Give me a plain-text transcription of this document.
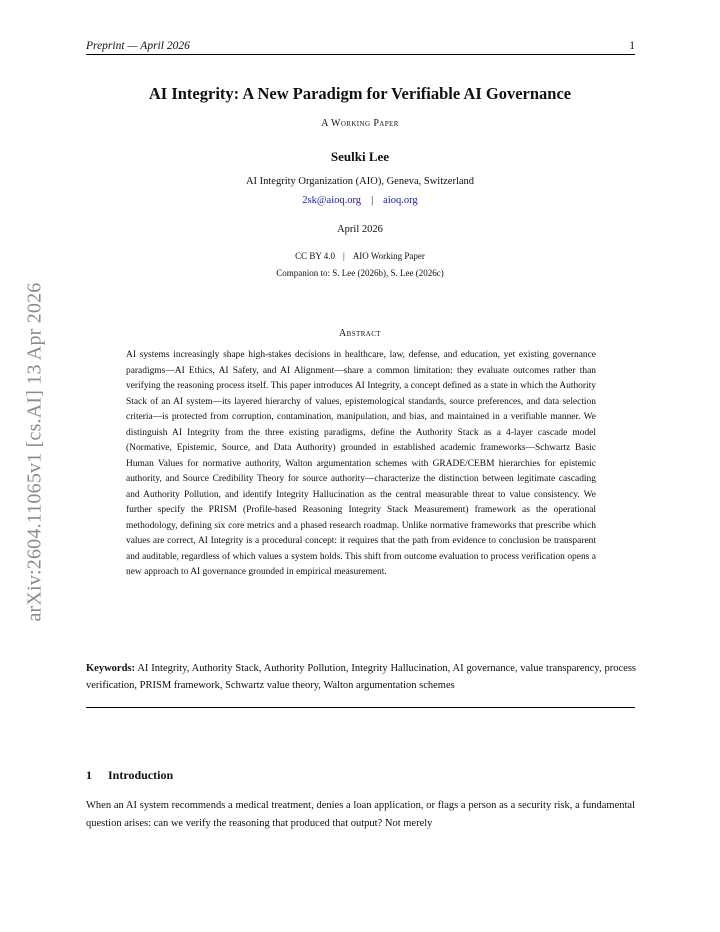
arXiv:2604.11065v1 [cs.AI] 13 Apr 2026
Preprint — April 2026	1
AI Integrity: A New Paradigm for Verifiable AI Governance
A Working Paper
Seulki Lee
AI Integrity Organization (AIO), Geneva, Switzerland
2sk@aioq.org | aioq.org
April 2026
CC BY 4.0 | AIO Working Paper
Companion to: S. Lee (2026b), S. Lee (2026c)
Abstract
AI systems increasingly shape high-stakes decisions in healthcare, law, defense, and education, yet existing governance paradigms—AI Ethics, AI Safety, and AI Alignment—share a common limitation: they evaluate outcomes rather than verifying the reasoning process itself. This paper introduces AI Integrity, a concept defined as a state in which the Authority Stack of an AI system—its layered hierarchy of values, epistemological standards, source preferences, and data selection criteria—is protected from corruption, contamination, manipulation, and bias, and maintained in a verifiable manner. We distinguish AI Integrity from the three existing paradigms, define the Authority Stack as a 4-layer cascade model (Normative, Epistemic, Source, and Data Authority) grounded in established academic frameworks—Schwartz Basic Human Values for normative authority, Walton argumentation schemes with GRADE/CEBM hierarchies for epistemic authority, and Source Credibility Theory for source authority—characterize the distinction between legitimate cascading and Authority Pollution, and identify Integrity Hallucination as the central measurable threat to value consistency. We further specify the PRISM (Profile-based Reasoning Integrity Stack Measurement) framework as the operational methodology, defining six core metrics and a phased research roadmap. Unlike normative frameworks that prescribe which values are correct, AI Integrity is a procedural concept: it requires that the path from evidence to conclusion be transparent and auditable, regardless of which values a system holds. This shift from outcome evaluation to process verification opens a new approach to AI governance grounded in empirical measurement.
Keywords: AI Integrity, Authority Stack, Authority Pollution, Integrity Hallucination, AI governance, value transparency, process verification, PRISM framework, Schwartz value theory, Walton argumentation schemes
1 Introduction
When an AI system recommends a medical treatment, denies a loan application, or flags a person as a security risk, a fundamental question arises: can we verify the reasoning that produced that output? Not merely
